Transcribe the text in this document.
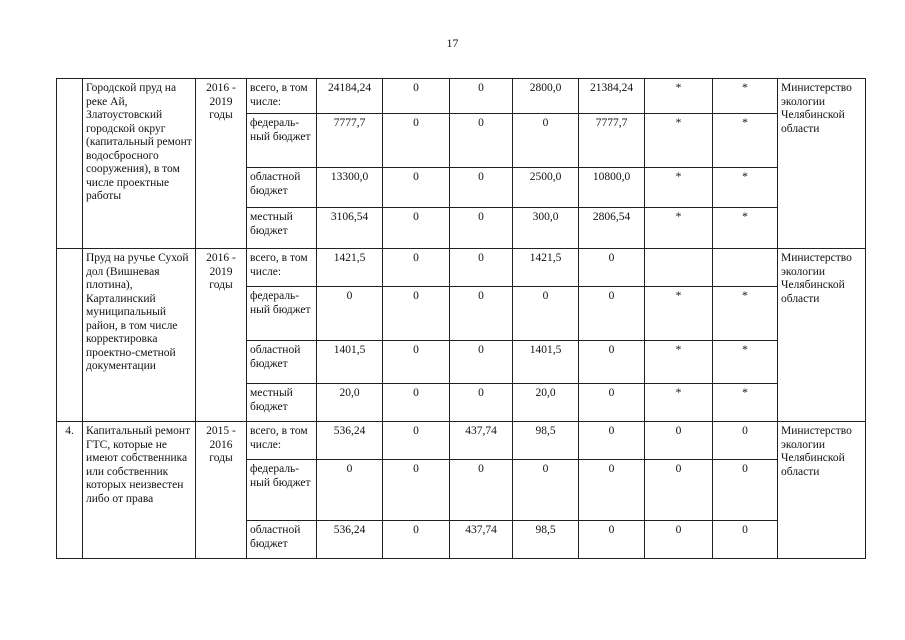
17
	Городской пруд на реке Ай, Златоустовский городской округ (капитальный ремонт водосбросного сооружения), в том числе проектные работы	2016 - 2019 годы	всего, в том числе:	24184,24	0	0	2800,0	21384,24	*	*	Министерство экологии Челябинской области
			федераль-ный бюджет	7777,7	0	0	0	7777,7	*	*	
			областной бюджет	13300,0	0	0	2500,0	10800,0	*	*	
			местный бюджет	3106,54	0	0	300,0	2806,54	*	*	
	Пруд на ручье Сухой дол (Вишневая плотина), Карталинский муниципальный район, в том числе корректировка проектно-сметной документации	2016 - 2019 годы	всего, в том числе:	1421,5	0	0	1421,5	0			Министерство экологии Челябинской области
			федераль-ный бюджет	0	0	0	0	0	*	*	
			областной бюджет	1401,5	0	0	1401,5	0	*	*	
			местный бюджет	20,0	0	0	20,0	0	*	*	
4.	Капитальный ремонт ГТС, которые не имеют собственника или собственник которых неизвестен либо от права	2015 - 2016 годы	всего, в том числе:	536,24	0	437,74	98,5	0	0	0	Министерство экологии Челябинской области
			федераль-ный бюджет	0	0	0	0	0	0	0	
			областной бюджет	536,24	0	437,74	98,5	0	0	0	
